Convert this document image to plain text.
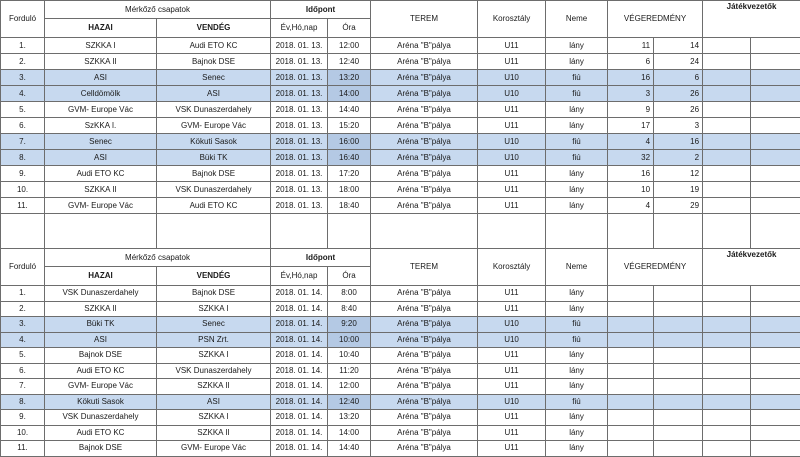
Forduló	Mérkőző csapatok		Időpont		TEREM	Korosztály	Neme	VÉGEREDMÉNY		Játékvezetők	
	HAZAI	VENDÉG	Év,Hó,nap	Óra							
1.	SZKKA I	Audi ETO KC	2018. 01. 13.	12:00	Aréna "B"pálya	U11	lány	11	14		
2.	SZKKA II	Bajnok DSE	2018. 01. 13.	12:40	Aréna "B"pálya	U11	lány	6	24		
3.	ASI	Senec	2018. 01. 13.	13:20	Aréna "B"pálya	U10	fiú	16	6		
4.	Celldömölk	ASI	2018. 01. 13.	14:00	Aréna "B"pálya	U10	fiú	3	26		
5.	GVM- Europe Vác	VSK Dunaszerdahely	2018. 01. 13.	14:40	Aréna "B"pálya	U11	lány	9	26		
6.	SzKKA I.	GVM- Europe Vác	2018. 01. 13.	15:20	Aréna "B"pálya	U11	lány	17	3		
7.	Senec	Kökuti Sasok	2018. 01. 13.	16:00	Aréna "B"pálya	U10	fiú	4	16		
8.	ASI	Büki TK	2018. 01. 13.	16:40	Aréna "B"pálya	U10	fiú	32	2		
9.	Audi ETO KC	Bajnok DSE	2018. 01. 13.	17:20	Aréna "B"pálya	U11	lány	16	12		
10.	SZKKA II	VSK Dunaszerdahely	2018. 01. 13.	18:00	Aréna "B"pálya	U11	lány	10	19		
11.	GVM- Europe Vác	Audi ETO KC	2018. 01. 13.	18:40	Aréna "B"pálya	U11	lány	4	29		

Forduló	Mérkőző csapatok		Időpont		TEREM	Korosztály	Neme	VÉGEREDMÉNY		Játékvezetők	
	HAZAI	VENDÉG	Év,Hó,nap	Óra							
1.	VSK Dunaszerdahely	Bajnok DSE	2018. 01. 14.	8:00	Aréna "B"pálya	U11	lány				
2.	SZKKA II	SZKKA I	2018. 01. 14.	8:40	Aréna "B"pálya	U11	lány				
3.	Büki TK	Senec	2018. 01. 14.	9:20	Aréna "B"pálya	U10	fiú				
4.	ASI	PSN Zrt.	2018. 01. 14.	10:00	Aréna "B"pálya	U10	fiú				
5.	Bajnok DSE	SZKKA I	2018. 01. 14.	10:40	Aréna "B"pálya	U11	lány				
6.	Audi ETO KC	VSK Dunaszerdahely	2018. 01. 14.	11:20	Aréna "B"pálya	U11	lány				
7.	GVM- Europe Vác	SZKKA II	2018. 01. 14.	12:00	Aréna "B"pálya	U11	lány				
8.	Kökuti Sasok	ASI	2018. 01. 14.	12:40	Aréna "B"pálya	U10	fiú				
9.	VSK Dunaszerdahely	SZKKA I	2018. 01. 14.	13:20	Aréna "B"pálya	U11	lány				
10.	Audi ETO KC	SZKKA II	2018. 01. 14.	14:00	Aréna "B"pálya	U11	lány				
11.	Bajnok DSE	GVM- Europe Vác	2018. 01. 14.	14:40	Aréna "B"pálya	U11	lány				
